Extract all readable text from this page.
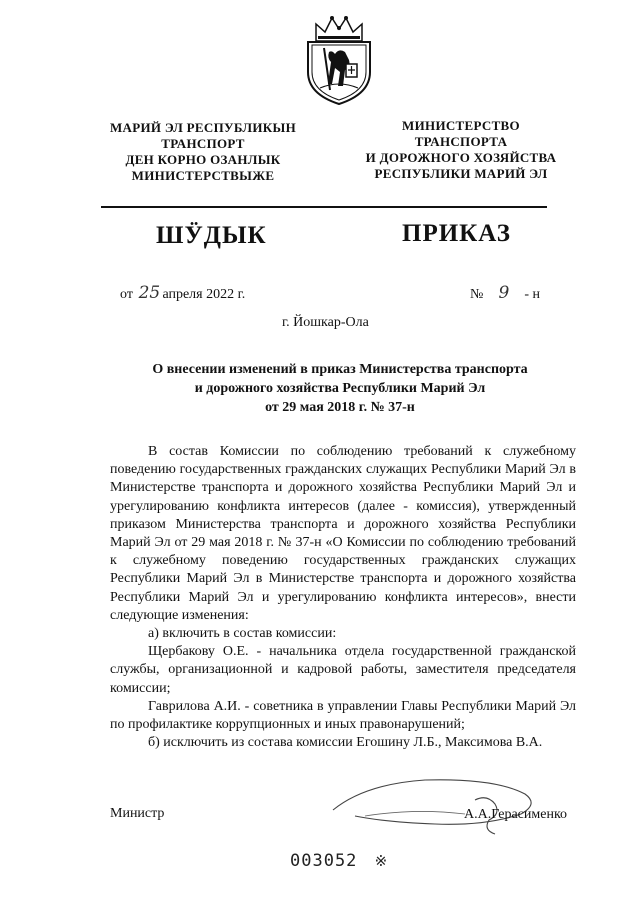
МАРИЙ ЭЛ РЕСПУБЛИКЫН
ТРАНСПОРТ
ДЕН КОРНО ОЗАНЛЫК
МИНИСТЕРСТВЫЖЕ
МИНИСТЕРСТВО
ТРАНСПОРТА
И ДОРОЖНОГО ХОЗЯЙСТВА
РЕСПУБЛИКИ МАРИЙ ЭЛ
ШӰДЫК	ПРИКАЗ
от 25 апреля 2022 г.	№ 9 - н
г. Йошкар-Ола
О внесении изменений в приказ Министерства транспорта
и дорожного хозяйства Республики Марий Эл
от 29 мая 2018 г. № 37-н

В состав Комиссии по соблюдению требований к служебному поведению государственных гражданских служащих Республики Марий Эл в Министерстве транспорта и дорожного хозяйства Республики Марий Эл и урегулированию конфликта интересов (далее - комиссия), утвержденный приказом Министерства транспорта и дорожного хозяйства Республики Марий Эл от 29 мая 2018 г. № 37-н «О Комиссии по соблюдению требований к служебному поведению государственных гражданских служащих Республики Марий Эл в Министерстве транспорта и дорожного хозяйства Республики Марий Эл и урегулированию конфликта интересов», внести следующие изменения:

а) включить в состав комиссии:

Щербакову О.Е. - начальника отдела государственной гражданской службы, организационной и кадровой работы, заместителя председателя комиссии;

Гаврилова А.И. - советника в управлении Главы Республики Марий Эл по профилактике коррупционных и иных правонарушений;

б) исключить из состава комиссии Егошину Л.Б., Максимова В.А.

Министр	А.А.Герасименко
003052 ※
